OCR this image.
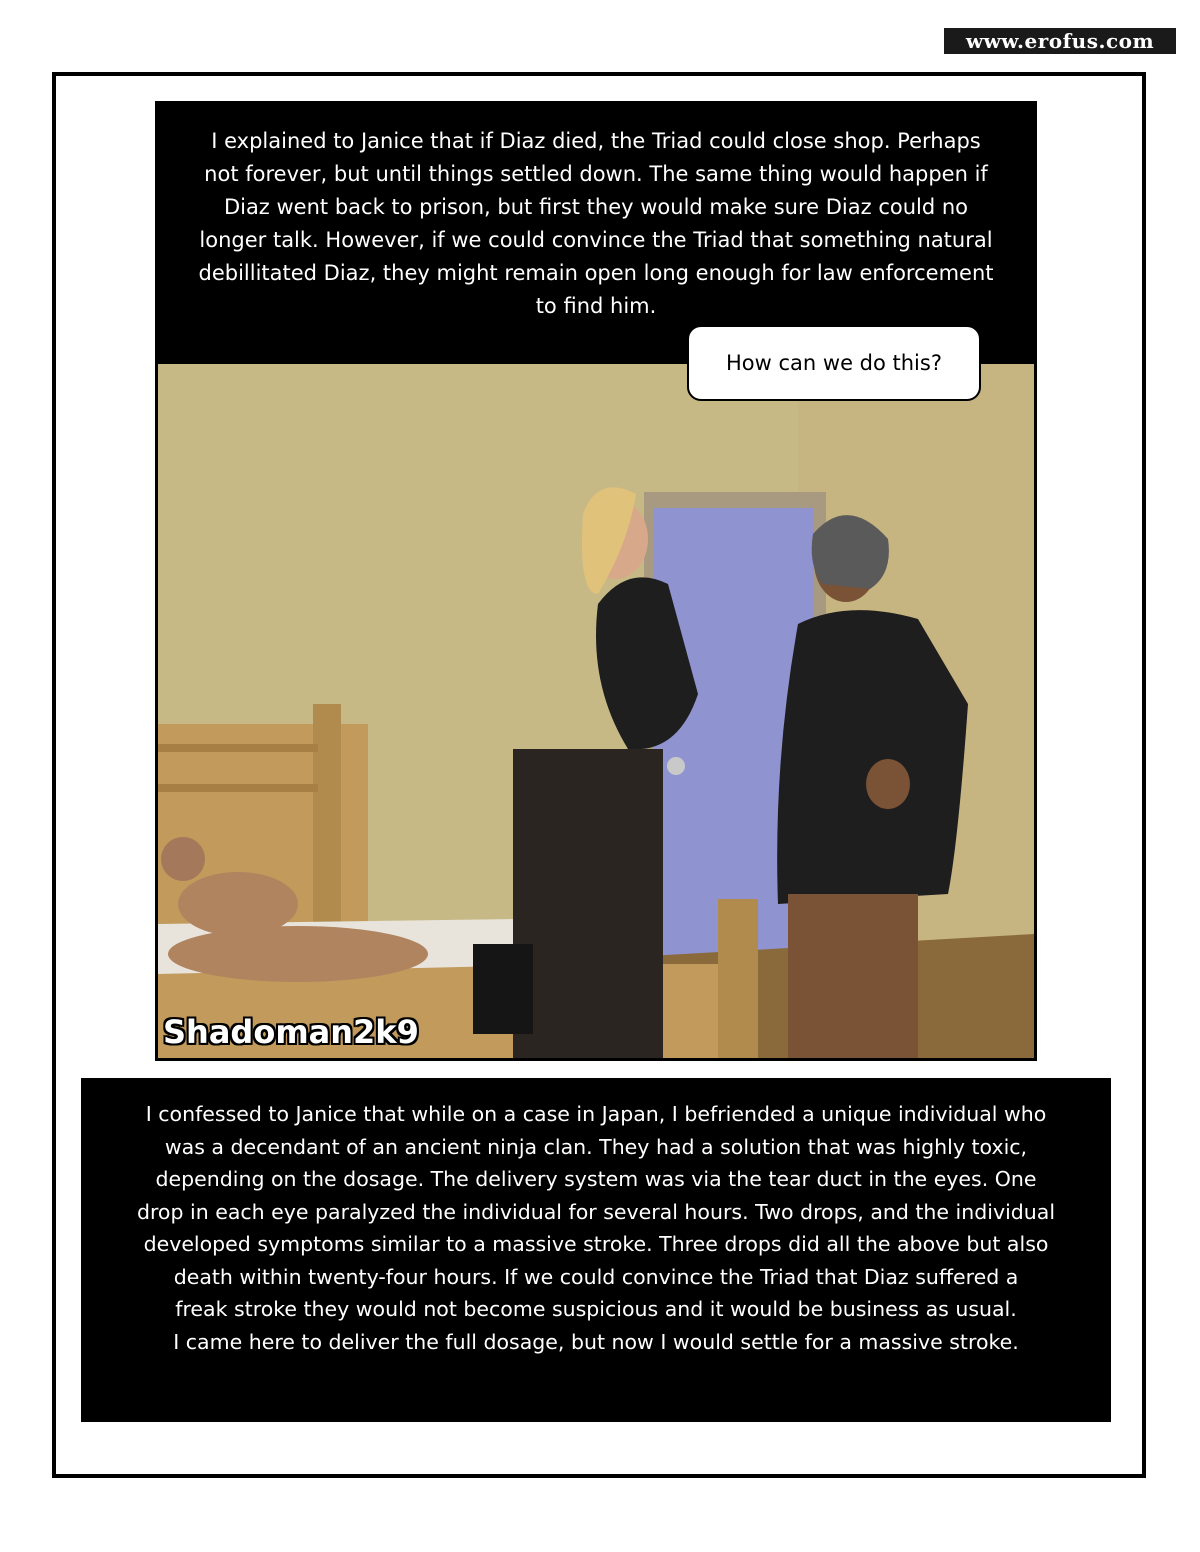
www.erofus.com
I explained to Janice that if Diaz died, the Triad could close shop. Perhaps
not forever, but until things settled down. The same thing would happen if
Diaz went back to prison, but first they would make sure Diaz could no
longer talk. However, if we could convince the Triad that something natural
debillitated Diaz, they might remain open long enough for law enforcement
to find him.
How can we do this?
Shadoman2k9
I confessed to Janice that while on a case in Japan, I befriended a unique individual who
was a decendant of an ancient ninja clan. They had a solution that was highly toxic,
depending on the dosage. The delivery system was via the tear duct in the eyes. One
drop in each eye paralyzed the individual for several hours. Two drops, and the individual
developed symptoms similar to a massive stroke. Three drops did all the above but also
death within twenty-four hours. If we could convince the Triad that Diaz suffered a
freak stroke they would not become suspicious and it would be business as usual.
I came here to deliver the full dosage, but now I would settle for a massive stroke.
